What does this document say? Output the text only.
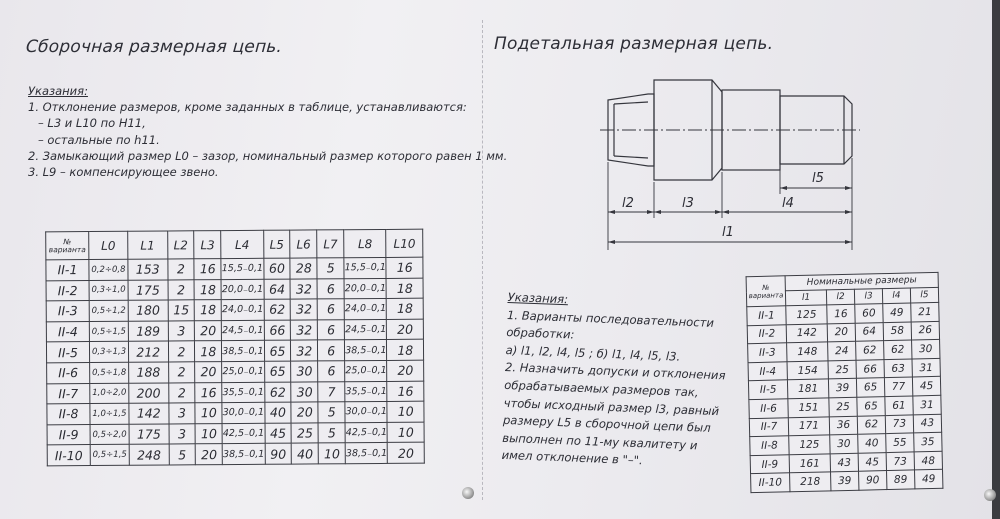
Сборочная размерная цепь.
Указания:
1. Отклонение размеров, кроме заданных в таблице, устанавливаются:
– L3 и L10 по H11,
– остальные по h11.
2. Замыкающий размер L0 – зазор, номинальный размер которого равен 1 мм.
3. L9 – компенсирующее звено.
№ варианта	L0	L1	L2	L3	L4	L5	L6	L7	L8	L10
II-1	0,2÷0,8	153	2	16	15,5₋0,1	60	28	5	15,5₋0,1	16
II-2	0,3÷1,0	175	2	18	20,0₋0,1	64	32	6	20,0₋0,1	18
II-3	0,5÷1,2	180	15	18	24,0₋0,1	62	32	6	24,0₋0,1	18
II-4	0,5÷1,5	189	3	20	24,5₋0,1	66	32	6	24,5₋0,1	20
II-5	0,3÷1,3	212	2	18	38,5₋0,1	65	32	6	38,5₋0,1	18
II-6	0,5÷1,8	188	2	20	25,0₋0,1	65	30	6	25,0₋0,1	20
II-7	1,0÷2,0	200	2	16	35,5₋0,1	62	30	7	35,5₋0,1	16
II-8	1,0÷1,5	142	3	10	30,0₋0,1	40	20	5	30,0₋0,1	10
II-9	0,5÷2,0	175	3	10	42,5₋0,1	45	25	5	42,5₋0,1	10
II-10	0,5÷1,5	248	5	20	38,5₋0,1	90	40	10	38,5₋0,1	20
Подетальная размерная цепь.
l2	l3	l4
l5
l1
Указания:
1. Варианты последовательности
обработки:
а) l1, l2, l4, l5 ; б) l1, l4, l5, l3.
2. Назначить допуски и отклонения
обрабатываемых размеров так,
чтобы исходный размер l3, равный
размеру L5 в сборочной цепи был
выполнен по 11-му квалитету и
имел отклонение в "–".
№ варианта	Номинальные размеры				
	l1	l2	l3	l4	l5
II-1	125	16	60	49	21
II-2	142	20	64	58	26
II-3	148	24	62	62	30
II-4	154	25	66	63	31
II-5	181	39	65	77	45
II-6	151	25	65	61	31
II-7	171	36	62	73	43
II-8	125	30	40	55	35
II-9	161	43	45	73	48
II-10	218	39	90	89	49
